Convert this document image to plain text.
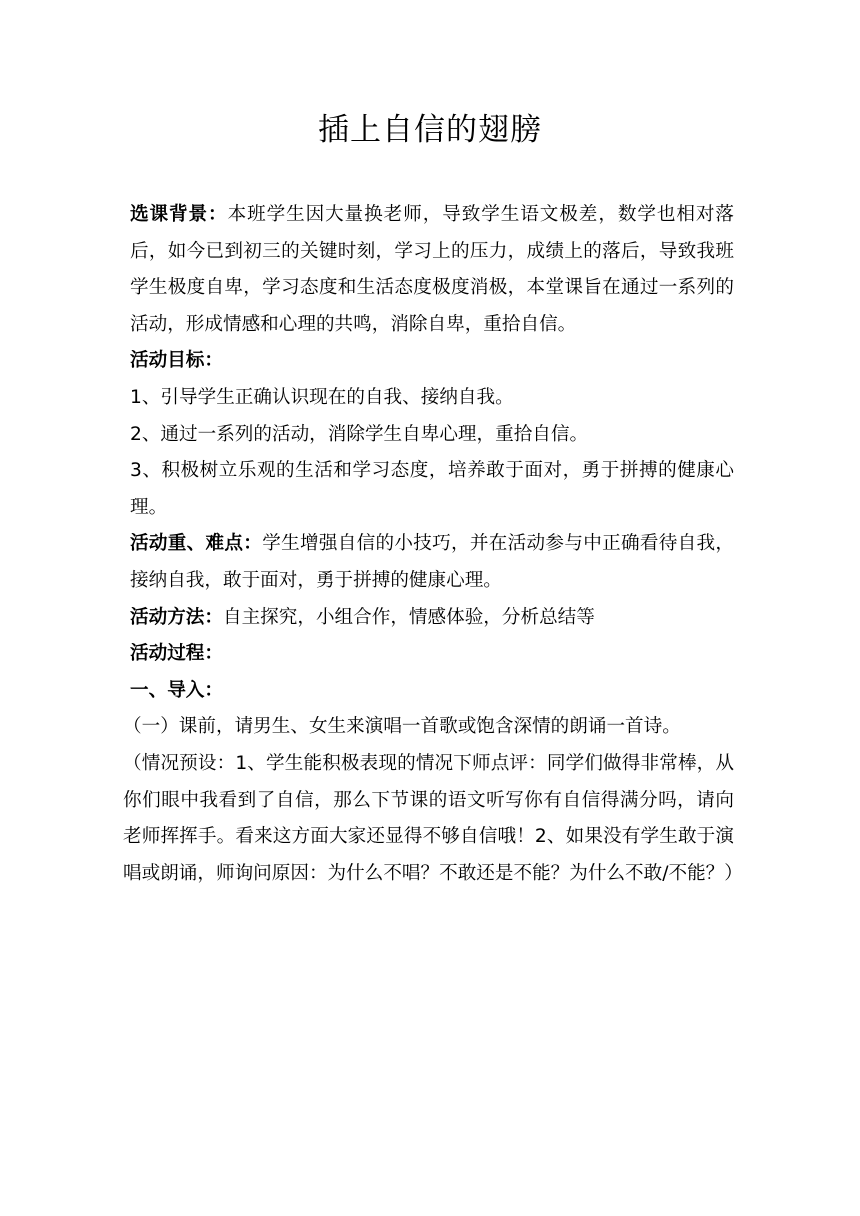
插上自信的翅膀

选课背景：本班学生因大量换老师，导致学生语文极差，数学也相对落后，如今已到初三的关键时刻，学习上的压力，成绩上的落后，导致我班学生极度自卑，学习态度和生活态度极度消极，本堂课旨在通过一系列的活动，形成情感和心理的共鸣，消除自卑，重拾自信。

活动目标：

1、引导学生正确认识现在的自我、接纳自我。

2、通过一系列的活动，消除学生自卑心理，重拾自信。

3、积极树立乐观的生活和学习态度，培养敢于面对，勇于拼搏的健康心理。

活动重、难点：学生增强自信的小技巧，并在活动参与中正确看待自我，接纳自我，敢于面对，勇于拼搏的健康心理。

活动方法：自主探究，小组合作，情感体验，分析总结等

活动过程：

一、导入：

（一）课前，请男生、女生来演唱一首歌或饱含深情的朗诵一首诗。

（情况预设：1、学生能积极表现的情况下师点评：同学们做得非常棒，从你们眼中我看到了自信，那么下节课的语文听写你有自信得满分吗，请向老师挥挥手。看来这方面大家还显得不够自信哦！2、如果没有学生敢于演唱或朗诵，师询问原因：为什么不唱？不敢还是不能？为什么不敢/不能？）
